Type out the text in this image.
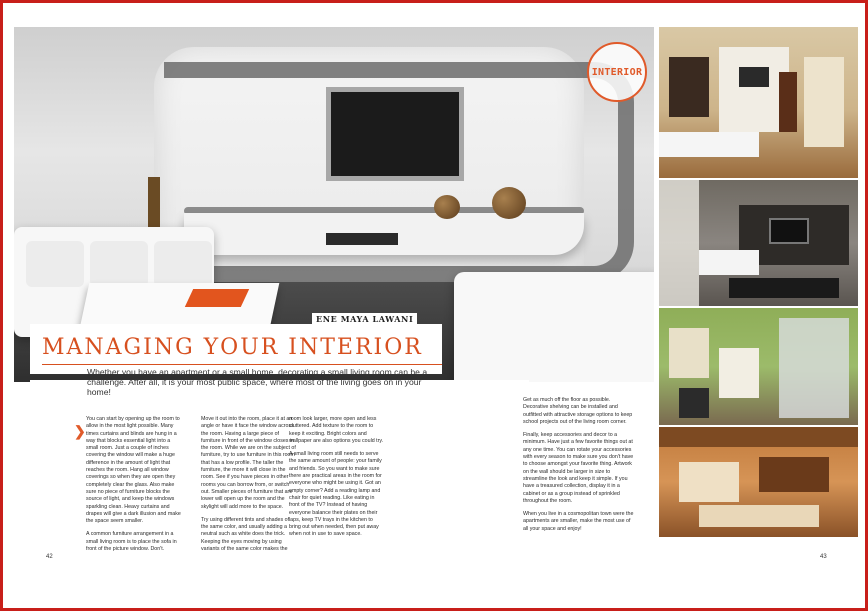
INTERIOR
ENE MAYA LAWANI
MANAGING YOUR INTERIOR

Whether you have an apartment or a small home, decorating a small living room can be a challenge. After all, it is your most public space, where most of the living goes on in your home!

❯

You can start by opening up the room to allow in the most light possible. Many times curtains and blinds are hung in a way that blocks essential light into a small room. Just a couple of inches covering the window will make a huge difference in the amount of light that reaches the room. Hang all window coverings so when they are open they completely clear the glass. Also make sure no piece of furniture blocks the source of light, and keep the windows sparkling clean. Heavy curtains and drapes will give a dark illusion and make the space seem smaller.

A common furniture arrangement in a small living room is to place the sofa in front of the picture window. Don't.

Move it out into the room, place it at an angle or have it face the window across the room. Having a large piece of furniture in front of the window closes in the room. While we are on the subject of furniture, try to use furniture in this room that has a low profile. The taller the furniture, the more it will close in the room. See if you have pieces in other rooms you can borrow from, or switch out. Smaller pieces of furniture that are lower will open up the room and the skylight will add more to the space.

Try using different tints and shades of the same color, and usually adding a neutral such as white does the trick. Keeping the eyes moving by using variants of the same color makes the

room look larger, more open and less cluttered. Add texture to the room to keep it exciting. Bright colors and wallpaper are also options you could try.

A small living room still needs to serve the same amount of people: your family and friends. So you want to make sure there are practical areas in the room for everyone who might be using it. Got an empty corner? Add a reading lamp and chair for quiet reading. Like eating in front of the TV? Instead of having everyone balance their plates on their laps, keep TV trays in the kitchen to bring out when needed, then put away when not in use to save space.

Get as much off the floor as possible. Decorative shelving can be installed and outfitted with attractive storage options to keep school projects out of the living room corner.

Finally, keep accessories and decor to a minimum. Have just a few favorite things out at any one time. You can rotate your accessories with every season to make sure you don't have to choose amongst your favorite thing. Artwork on the wall should be larger in size to streamline the look and keep it simple. If you have a treasured collection, display it in a cabinet or as a group instead of sprinkled throughout the room.

When you live in a cosmopolitan town were the apartments are smaller, make the most use of all your space and enjoy!

42	43
